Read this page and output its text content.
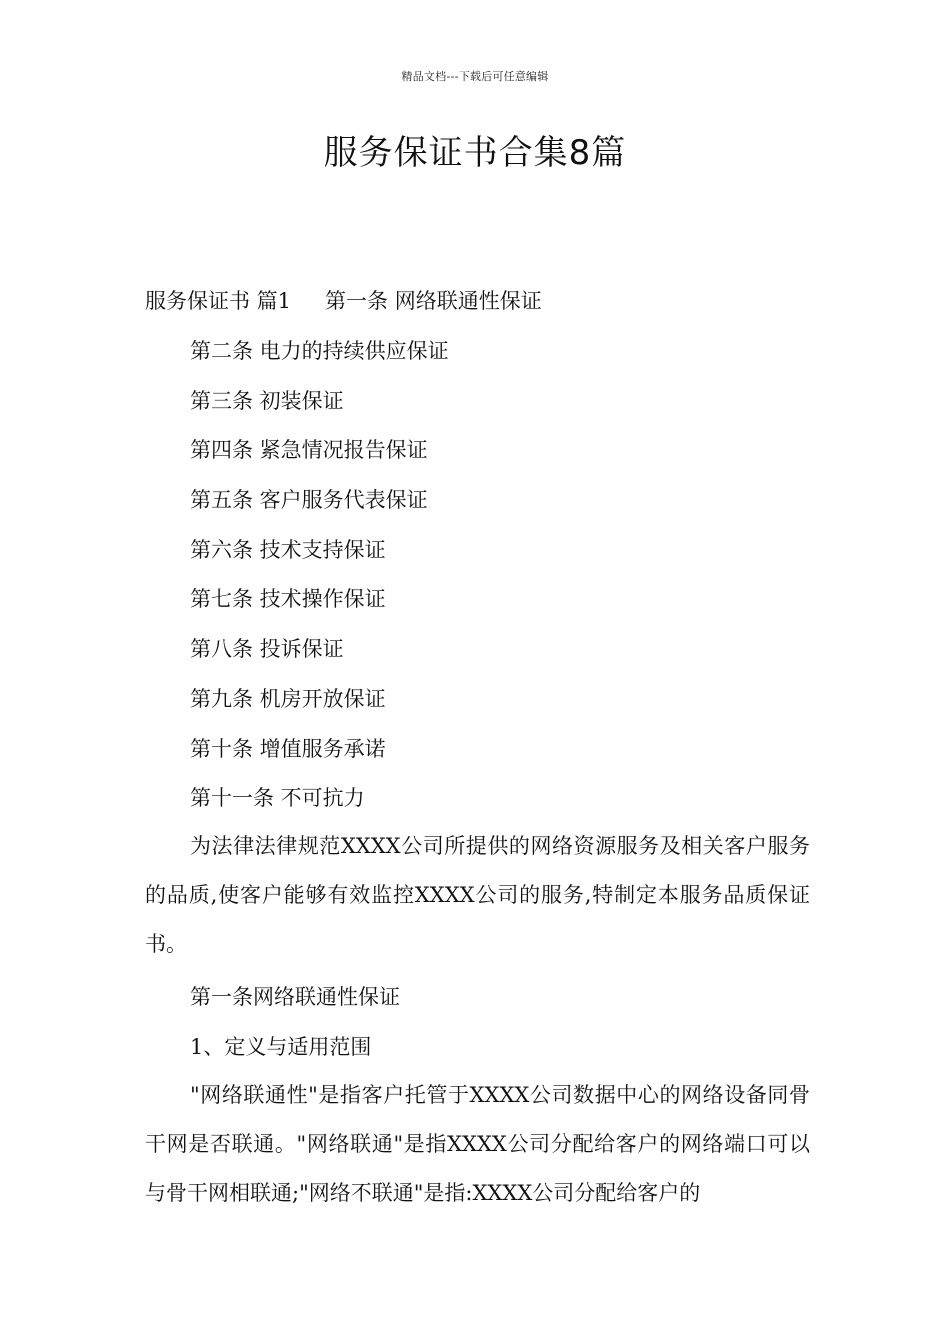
精品文档---下载后可任意编辑
服务保证书合集8篇
服务保证书 篇1 第一条 网络联通性保证
第二条 电力的持续供应保证
第三条 初装保证
第四条 紧急情况报告保证
第五条 客户服务代表保证
第六条 技术支持保证
第七条 技术操作保证
第八条 投诉保证
第九条 机房开放保证
第十条 增值服务承诺
第十一条 不可抗力

为法律法律规范XXXX公司所提供的网络资源服务及相关客户服务的品质,使客户能够有效监控XXXX公司的服务,特制定本服务品质保证书。

第一条网络联通性保证
1、定义与适用范围

"网络联通性"是指客户托管于XXXX公司数据中心的网络设备同骨干网是否联通。"网络联通"是指XXXX公司分配给客户的网络端口可以与骨干网相联通;"网络不联通"是指:XXXX公司分配给客户的
